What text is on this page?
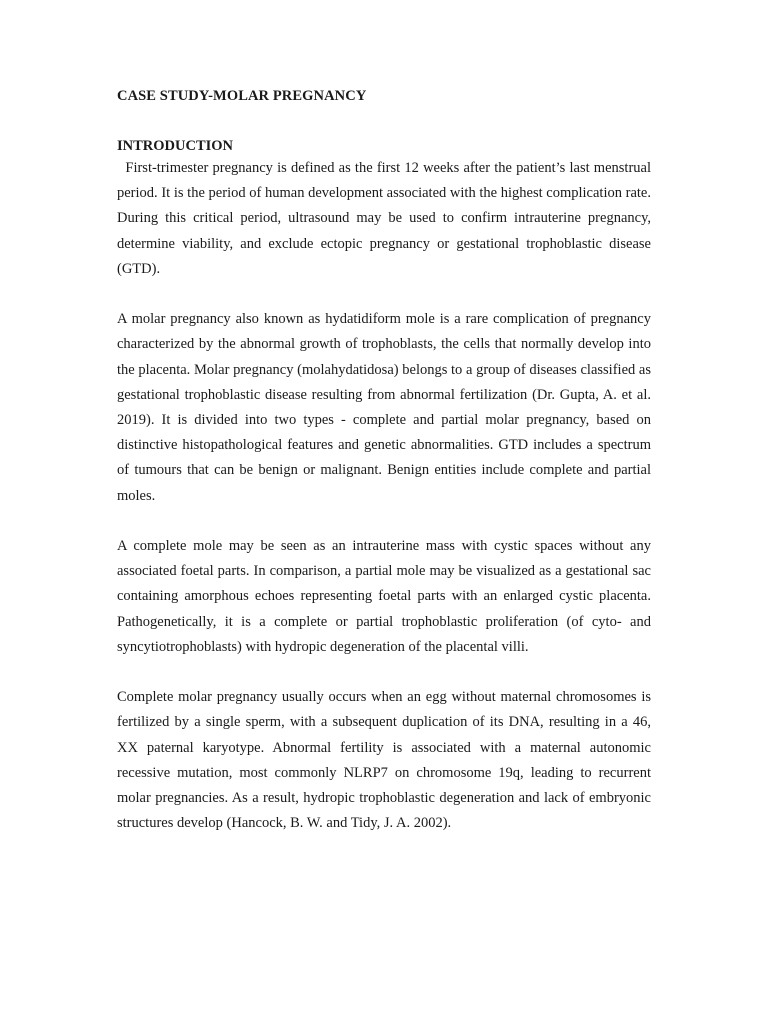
CASE STUDY-MOLAR PREGNANCY
INTRODUCTION

First-trimester pregnancy is defined as the first 12 weeks after the patient’s last menstrual period. It is the period of human development associated with the highest complication rate. During this critical period, ultrasound may be used to confirm intrauterine pregnancy, determine viability, and exclude ectopic pregnancy or gestational trophoblastic disease (GTD).

A molar pregnancy also known as hydatidiform mole is a rare complication of pregnancy characterized by the abnormal growth of trophoblasts, the cells that normally develop into the placenta. Molar pregnancy (molahydatidosa) belongs to a group of diseases classified as gestational trophoblastic disease resulting from abnormal fertilization (Dr. Gupta, A. et al. 2019). It is divided into two types - complete and partial molar pregnancy, based on distinctive histopathological features and genetic abnormalities. GTD includes a spectrum of tumours that can be benign or malignant. Benign entities include complete and partial moles.

A complete mole may be seen as an intrauterine mass with cystic spaces without any associated foetal parts. In comparison, a partial mole may be visualized as a gestational sac containing amorphous echoes representing foetal parts with an enlarged cystic placenta. Pathogenetically, it is a complete or partial trophoblastic proliferation (of cyto- and syncytiotrophoblasts) with hydropic degeneration of the placental villi.

Complete molar pregnancy usually occurs when an egg without maternal chromosomes is fertilized by a single sperm, with a subsequent duplication of its DNA, resulting in a 46, XX paternal karyotype. Abnormal fertility is associated with a maternal autonomic recessive mutation, most commonly NLRP7 on chromosome 19q, leading to recurrent molar pregnancies. As a result, hydropic trophoblastic degeneration and lack of embryonic structures develop (Hancock, B. W. and Tidy, J. A. 2002).
